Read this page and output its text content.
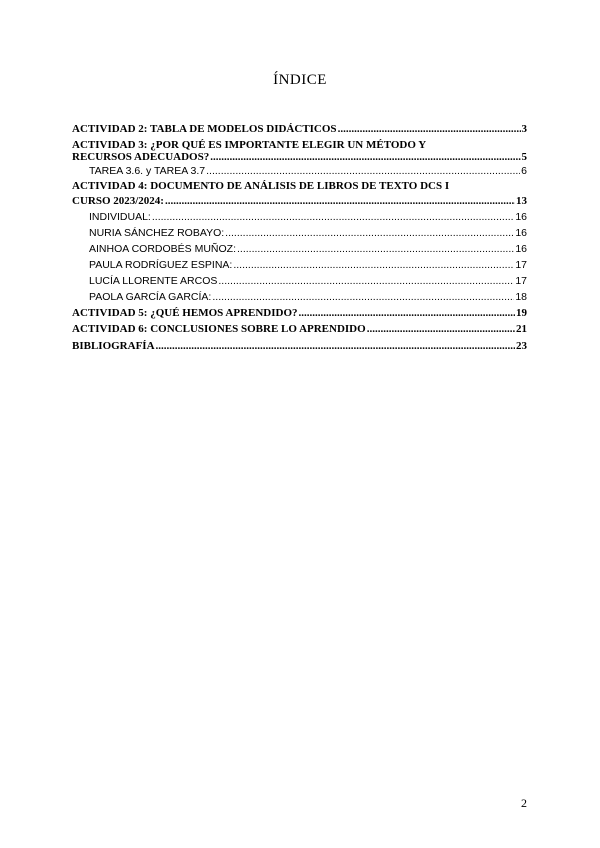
ÍNDICE
ACTIVIDAD 2: TABLA DE MODELOS DIDÁCTICOS .....	3
ACTIVIDAD 3: ¿POR QUÉ ES IMPORTANTE ELEGIR UN MÉTODO Y
RECURSOS ADECUADOS? .....	5
TAREA 3.6. y TAREA 3.7 .....	6
ACTIVIDAD 4: DOCUMENTO DE ANÁLISIS DE LIBROS DE TEXTO DCS I
CURSO 2023/2024: .....	13
INDIVIDUAL: .....	16
NURIA SÁNCHEZ ROBAYO: .....	16
AINHOA CORDOBÉS MUÑOZ: .....	16
PAULA RODRÍGUEZ ESPINA: .....	17
LUCÍA LLORENTE ARCOS .....	17
PAOLA GARCÍA GARCÍA: .....	18
ACTIVIDAD 5: ¿QUÉ HEMOS APRENDIDO? .....	19
ACTIVIDAD 6: CONCLUSIONES SOBRE LO APRENDIDO .....	21
BIBLIOGRAFÍA .....	23
2
